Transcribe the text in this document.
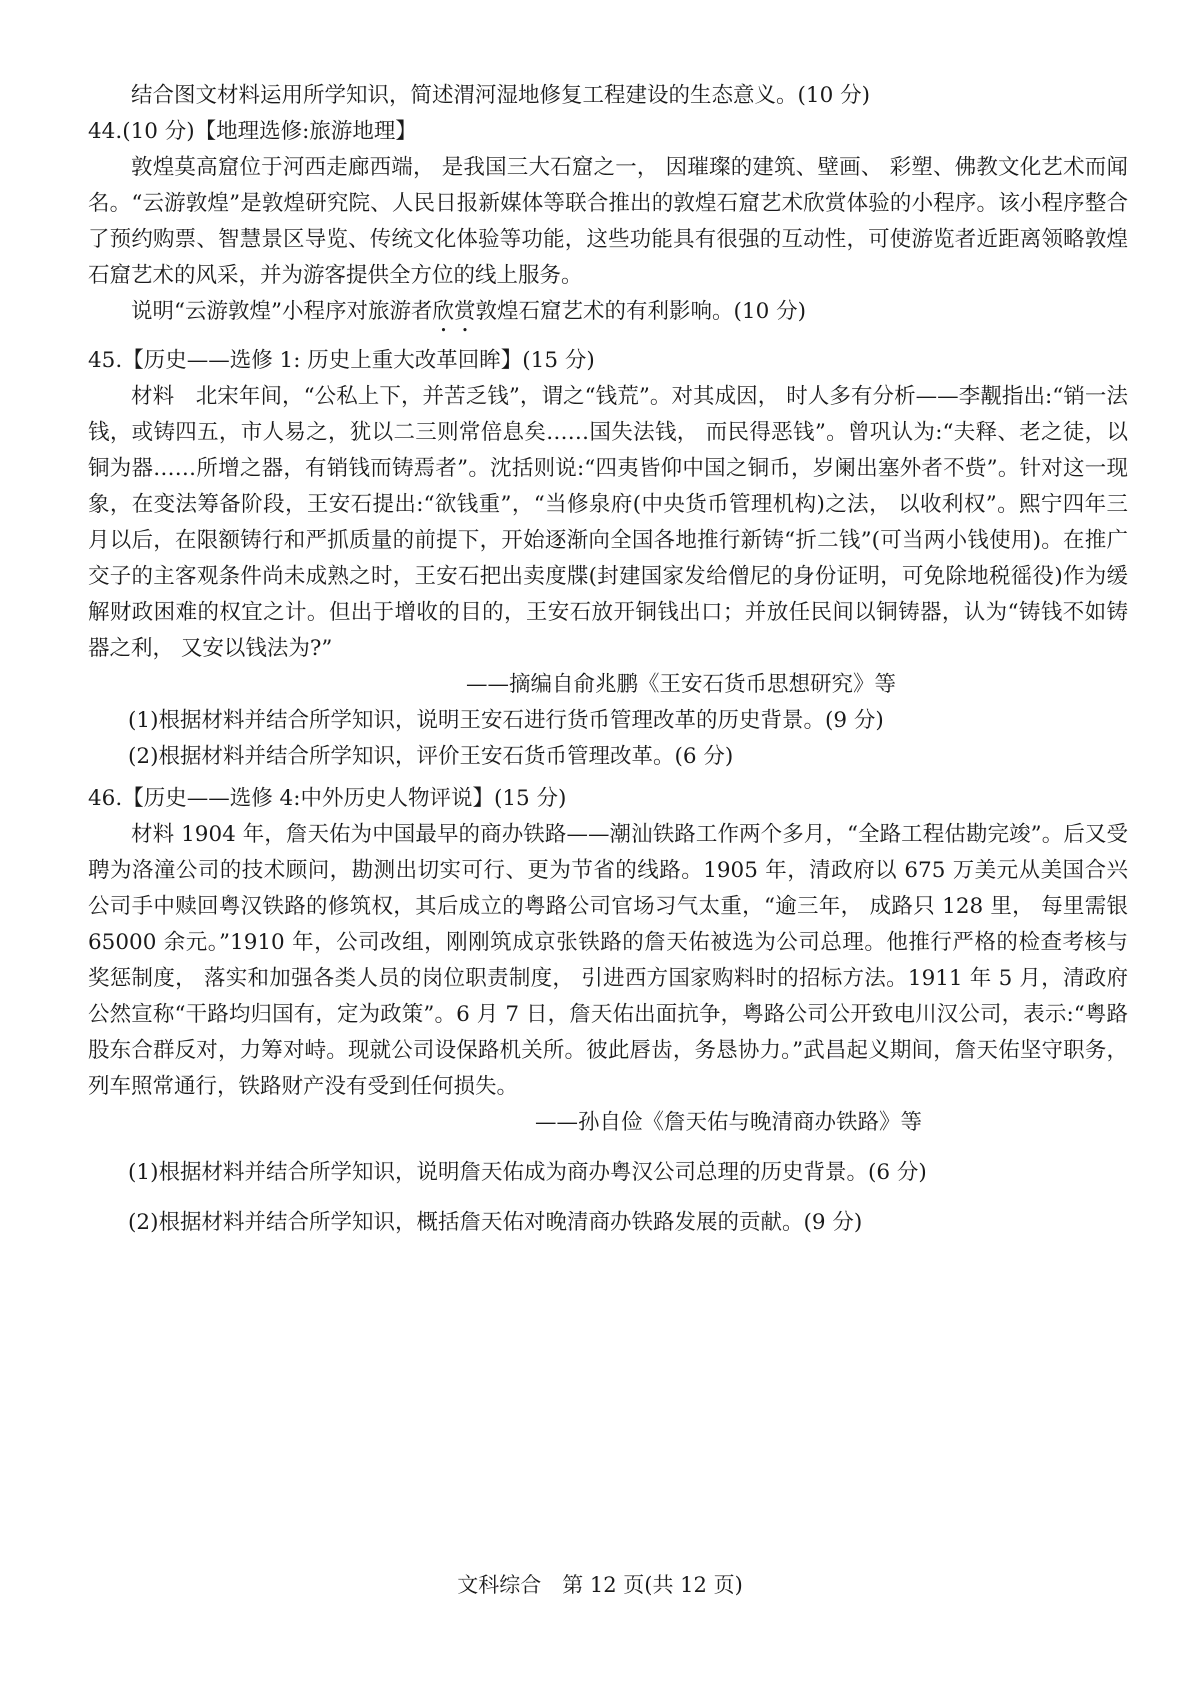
结合图文材料运用所学知识，简述渭河湿地修复工程建设的生态意义。(10 分)

44.(10 分)【地理选修:旅游地理】

敦煌莫高窟位于河西走廊西端， 是我国三大石窟之一， 因璀璨的建筑、壁画、 彩塑、佛教文化艺术而闻名。“云游敦煌”是敦煌研究院、人民日报新媒体等联合推出的敦煌石窟艺术欣赏体验的小程序。该小程序整合了预约购票、智慧景区导览、传统文化体验等功能，这些功能具有很强的互动性，可使游览者近距离领略敦煌石窟艺术的风采，并为游客提供全方位的线上服务。

说明“云游敦煌”小程序对旅游者欣赏敦煌石窟艺术的有利影响。(10 分)

45.【历史——选修 1: 历史上重大改革回眸】(15 分)

材料　北宋年间，“公私上下，并苦乏钱”，谓之“钱荒”。对其成因， 时人多有分析——李觏指出:“销一法钱，或铸四五，市人易之，犹以二三则常倍息矣……国失法钱， 而民得恶钱”。曾巩认为:“夫释、老之徒，以铜为器……所增之器，有销钱而铸焉者”。沈括则说:“四夷皆仰中国之铜币，岁阑出塞外者不赀”。针对这一现象，在变法筹备阶段，王安石提出:“欲钱重”，“当修泉府(中央货币管理机构)之法， 以收利权”。熙宁四年三月以后，在限额铸行和严抓质量的前提下，开始逐渐向全国各地推行新铸“折二钱”(可当两小钱使用)。在推广交子的主客观条件尚未成熟之时，王安石把出卖度牒(封建国家发给僧尼的身份证明，可免除地税徭役)作为缓解财政困难的权宜之计。但出于增收的目的，王安石放开铜钱出口；并放任民间以铜铸器，认为“铸钱不如铸器之利， 又安以钱法为?”

——摘编自俞兆鹏《王安石货币思想研究》等

(1)根据材料并结合所学知识，说明王安石进行货币管理改革的历史背景。(9 分)

(2)根据材料并结合所学知识，评价王安石货币管理改革。(6 分)

46.【历史——选修 4:中外历史人物评说】(15 分)

材料 1904 年，詹天佑为中国最早的商办铁路——潮汕铁路工作两个多月，“全路工程估勘完竣”。后又受聘为洛潼公司的技术顾问，勘测出切实可行、更为节省的线路。1905 年，清政府以 675 万美元从美国合兴公司手中赎回粤汉铁路的修筑权，其后成立的粤路公司官场习气太重，“逾三年， 成路只 128 里， 每里需银 65000 余元。”1910 年，公司改组，刚刚筑成京张铁路的詹天佑被选为公司总理。他推行严格的检查考核与奖惩制度， 落实和加强各类人员的岗位职责制度， 引进西方国家购料时的招标方法。1911 年 5 月，清政府公然宣称“干路均归国有，定为政策”。6 月 7 日，詹天佑出面抗争，粤路公司公开致电川汉公司，表示:“粤路股东合群反对，力筹对峙。现就公司设保路机关所。彼此唇齿，务恳协力。”武昌起义期间，詹天佑坚守职务，列车照常通行，铁路财产没有受到任何损失。

——孙自俭《詹天佑与晚清商办铁路》等

(1)根据材料并结合所学知识，说明詹天佑成为商办粤汉公司总理的历史背景。(6 分)

(2)根据材料并结合所学知识，概括詹天佑对晚清商办铁路发展的贡献。(9 分)

文科综合　第 12 页(共 12 页)
